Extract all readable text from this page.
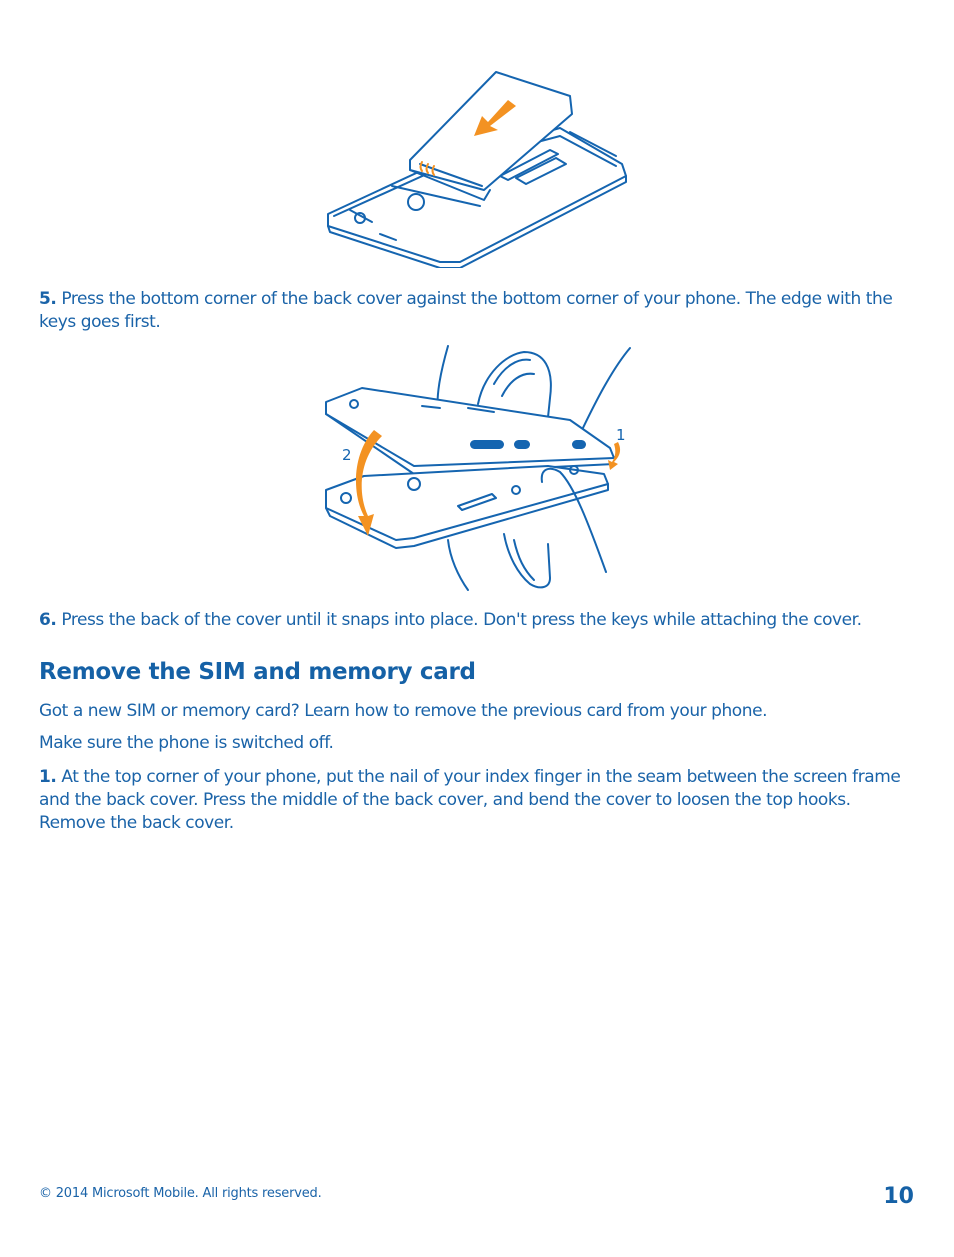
5. Press the bottom corner of the back cover against the bottom corner of your phone. The edge with the keys goes first.

1
2

6. Press the back of the cover until it snaps into place. Don't press the keys while attaching the cover.

Remove the SIM and memory card

Got a new SIM or memory card? Learn how to remove the previous card from your phone.

Make sure the phone is switched off.

1. At the top corner of your phone, put the nail of your index finger in the seam between the screen frame and the back cover. Press the middle of the back cover, and bend the cover to loosen the top hooks. Remove the back cover.

© 2014 Microsoft Mobile. All rights reserved.	10
